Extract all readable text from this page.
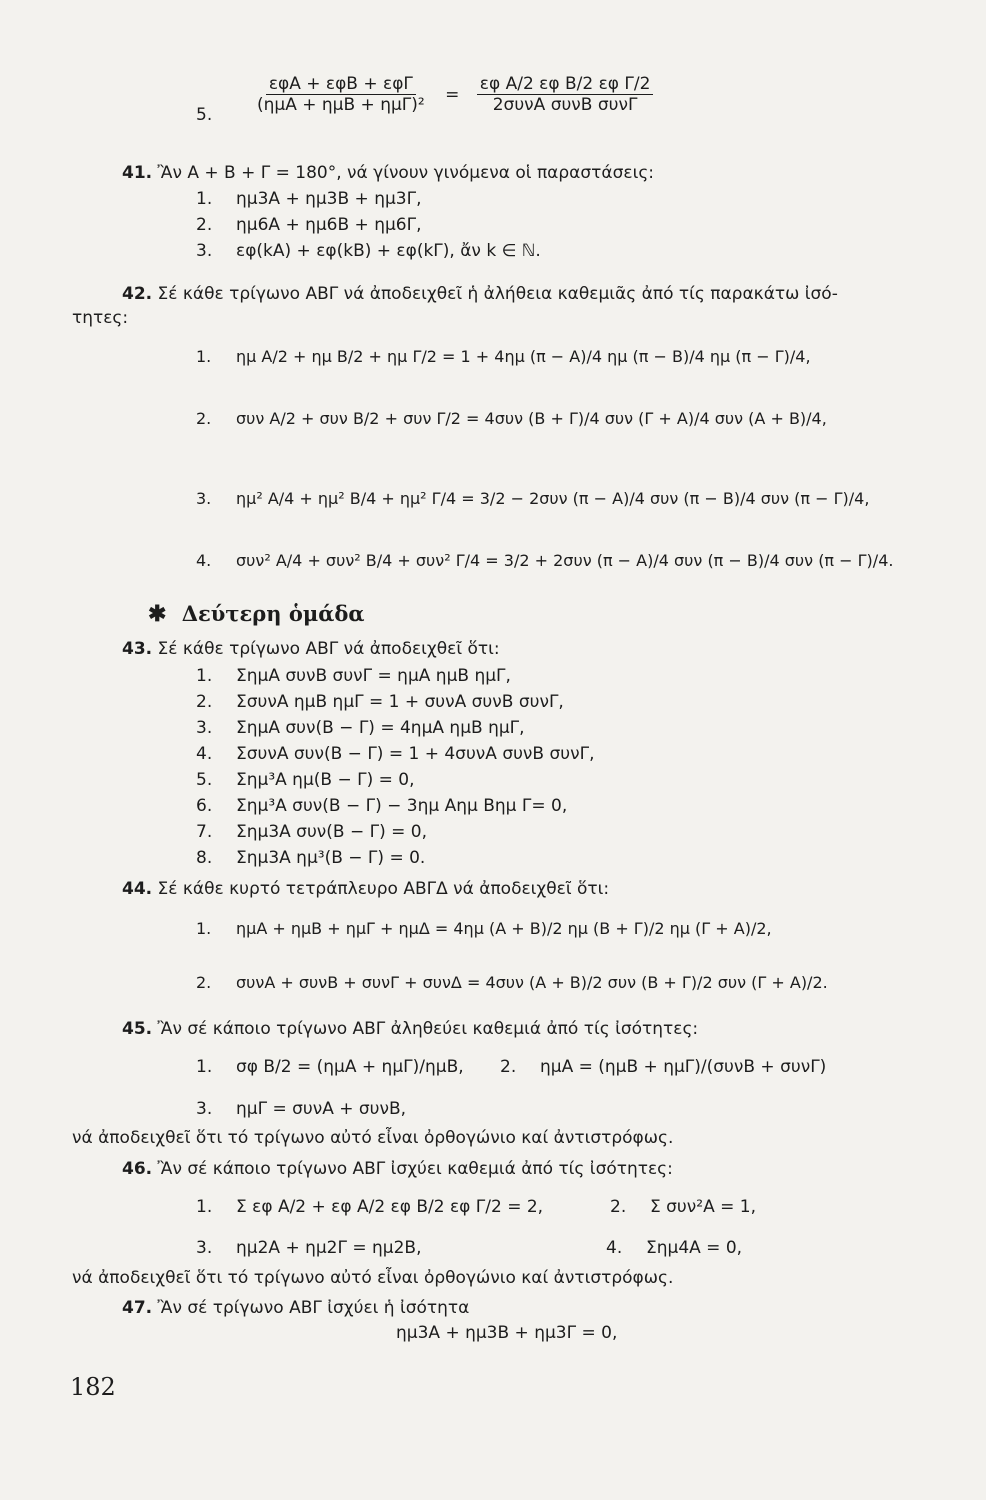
5. $\frac{\text{εφΑ + εφΒ + εφΓ}}{\text{(ημΑ + ημΒ + ημΓ)²}} = \frac{\text{εφ A/2 εφ B/2 εφ Γ/2}}{\text{2συνΑ συνΒ συνΓ}}$
41. Ἂν Α + Β + Γ = 180°, νά γίνουν γινόμενα οἱ παραστάσεις:
1. ημ3Α + ημ3Β + ημ3Γ,
2. ημ6Α + ημ6Β + ημ6Γ,
3. εφ(kΑ) + εφ(kΒ) + εφ(kΓ), ἄν k ∈ ℕ.
42. Σέ κάθε τρίγωνο ΑΒΓ νά ἀποδειχθεῖ ἡ ἀλήθεια καθεμιᾶς ἀπό τίς παρακάτω ἰσό-
τητες:
1. ημ A/2 + ημ B/2 + ημ Γ/2 = 1 + 4ημ (π − Α)/4 ημ (π − Β)/4 ημ (π − Γ)/4,
2. συν A/2 + συν B/2 + συν Γ/2 = 4συν (Β + Γ)/4 συν (Γ + Α)/4 συν (Α + Β)/4,
3. ημ² A/4 + ημ² B/4 + ημ² Γ/4 = 3/2 − 2συν (π − Α)/4 συν (π − Β)/4 συν (π − Γ)/4,
4. συν² A/4 + συν² B/4 + συν² Γ/4 = 3/2 + 2συν (π − Α)/4 συν (π − Β)/4 συν (π − Γ)/4.
✱ Δεύτερη ὁμάδα
43. Σέ κάθε τρίγωνο ΑΒΓ νά ἀποδειχθεῖ ὅτι:
1. ΣημΑ συνΒ συνΓ = ημΑ ημΒ ημΓ,
2. ΣσυνΑ ημΒ ημΓ = 1 + συνΑ συνΒ συνΓ,
3. ΣημΑ συν(Β − Γ) = 4ημΑ ημΒ ημΓ,
4. ΣσυνΑ συν(Β − Γ) = 1 + 4συνΑ συνΒ συνΓ,
5. Σημ³Α ημ(Β − Γ) = 0,
6. Σημ³Α συν(Β − Γ) − 3ημ Αημ Βημ Γ= 0,
7. Σημ3Α συν(Β − Γ) = 0,
8. Σημ3Α ημ³(Β − Γ) = 0.
44. Σέ κάθε κυρτό τετράπλευρο ΑΒΓΔ νά ἀποδειχθεῖ ὅτι:
1. ημΑ + ημΒ + ημΓ + ημΔ = 4ημ (Α + Β)/2 ημ (Β + Γ)/2 ημ (Γ + Α)/2,
2. συνΑ + συνΒ + συνΓ + συνΔ = 4συν (Α + Β)/2 συν (Β + Γ)/2 συν (Γ + Α)/2.
45. Ἂν σέ κάποιο τρίγωνο ΑΒΓ ἀληθεύει καθεμιά ἀπό τίς ἰσότητες:
1. σφ B/2 = (ημΑ + ημΓ)/ημΒ, 2. ημΑ = (ημΒ + ημΓ)/(συνΒ + συνΓ)
3. ημΓ = συνΑ + συνΒ,
νά ἀποδειχθεῖ ὅτι τό τρίγωνο αὐτό εἶναι ὀρθογώνιο καί ἀντιστρόφως.
46. Ἂν σέ κάποιο τρίγωνο ΑΒΓ ἰσχύει καθεμιά ἀπό τίς ἰσότητες:
1. Σ εφ A/2 + εφ A/2 εφ B/2 εφ Γ/2 = 2,	2. Σ συν²Α = 1,
3. ημ2Α + ημ2Γ = ημ2Β,	4. Σημ4Α = 0,
νά ἀποδειχθεῖ ὅτι τό τρίγωνο αὐτό εἶναι ὀρθογώνιο καί ἀντιστρόφως.
47. Ἂν σέ τρίγωνο ΑΒΓ ἰσχύει ἡ ἰσότητα
ημ3Α + ημ3Β + ημ3Γ = 0,
182
